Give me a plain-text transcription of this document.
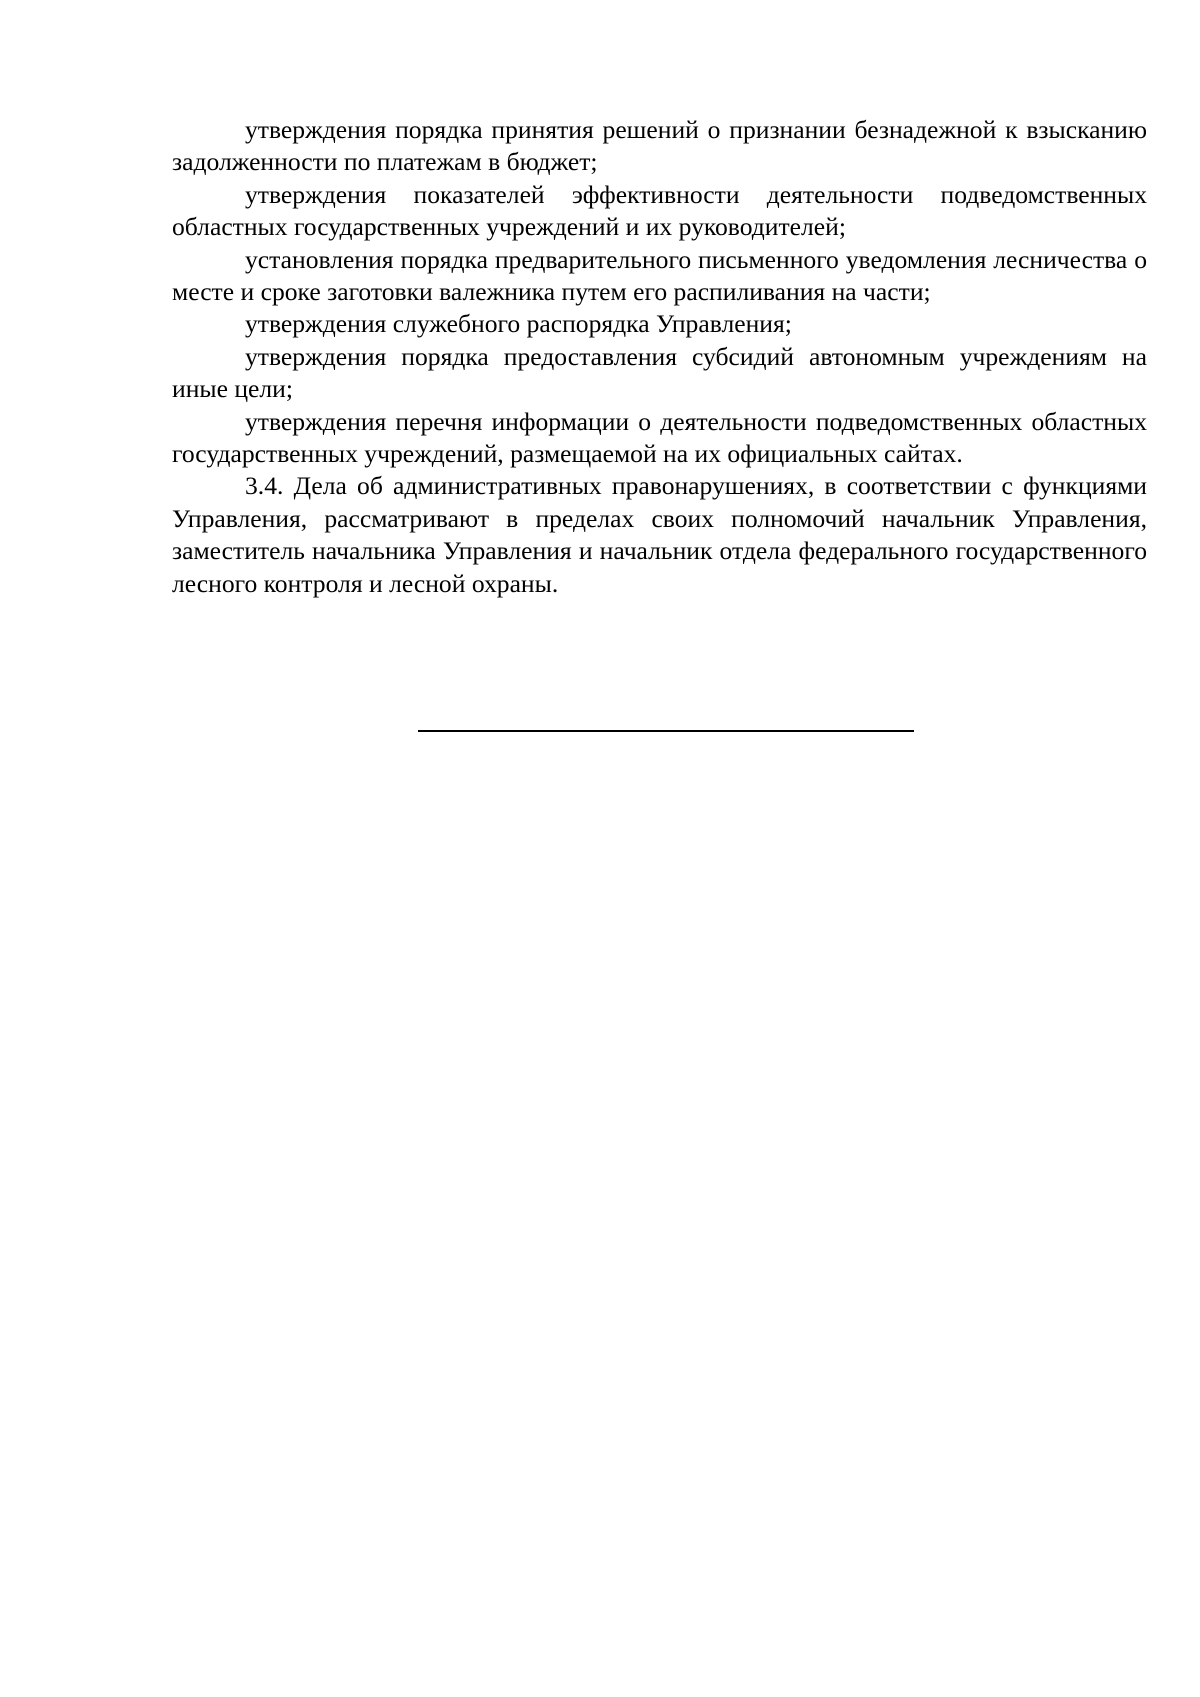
утверждения порядка принятия решений о признании безнадежной к взысканию задолженности по платежам в бюджет;

утверждения показателей эффективности деятельности подведомственных областных государственных учреждений и их руководителей;

установления порядка предварительного письменного уведомления лесничества о месте и сроке заготовки валежника путем его распиливания на части;

утверждения служебного распорядка Управления;

утверждения порядка предоставления субсидий автономным учреждениям на иные цели;

утверждения перечня информации о деятельности подведомственных областных государственных учреждений, размещаемой на их официальных сайтах.

3.4. Дела об административных правонарушениях, в соответствии с функциями Управления, рассматривают в пределах своих полномочий начальник Управления, заместитель начальника Управления и начальник отдела федерального государственного лесного контроля и лесной охраны.
